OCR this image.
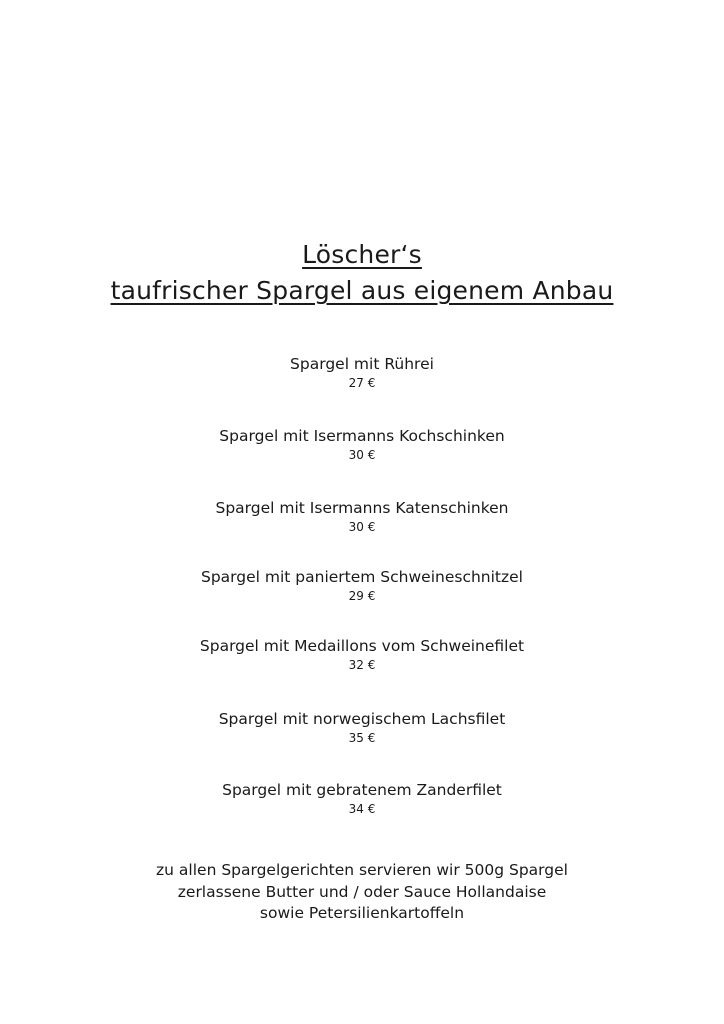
Löscher‘s
taufrischer Spargel aus eigenem Anbau
Spargel mit Rührei
27 €
Spargel mit Isermanns Kochschinken
30 €
Spargel mit Isermanns Katenschinken
30 €
Spargel mit paniertem Schweineschnitzel
29 €
Spargel mit Medaillons vom Schweinefilet
32 €
Spargel mit norwegischem Lachsfilet
35 €
Spargel mit gebratenem Zanderfilet
34 €
zu allen Spargelgerichten servieren wir 500g Spargel
zerlassene Butter und / oder Sauce Hollandaise
sowie Petersilienkartoffeln
